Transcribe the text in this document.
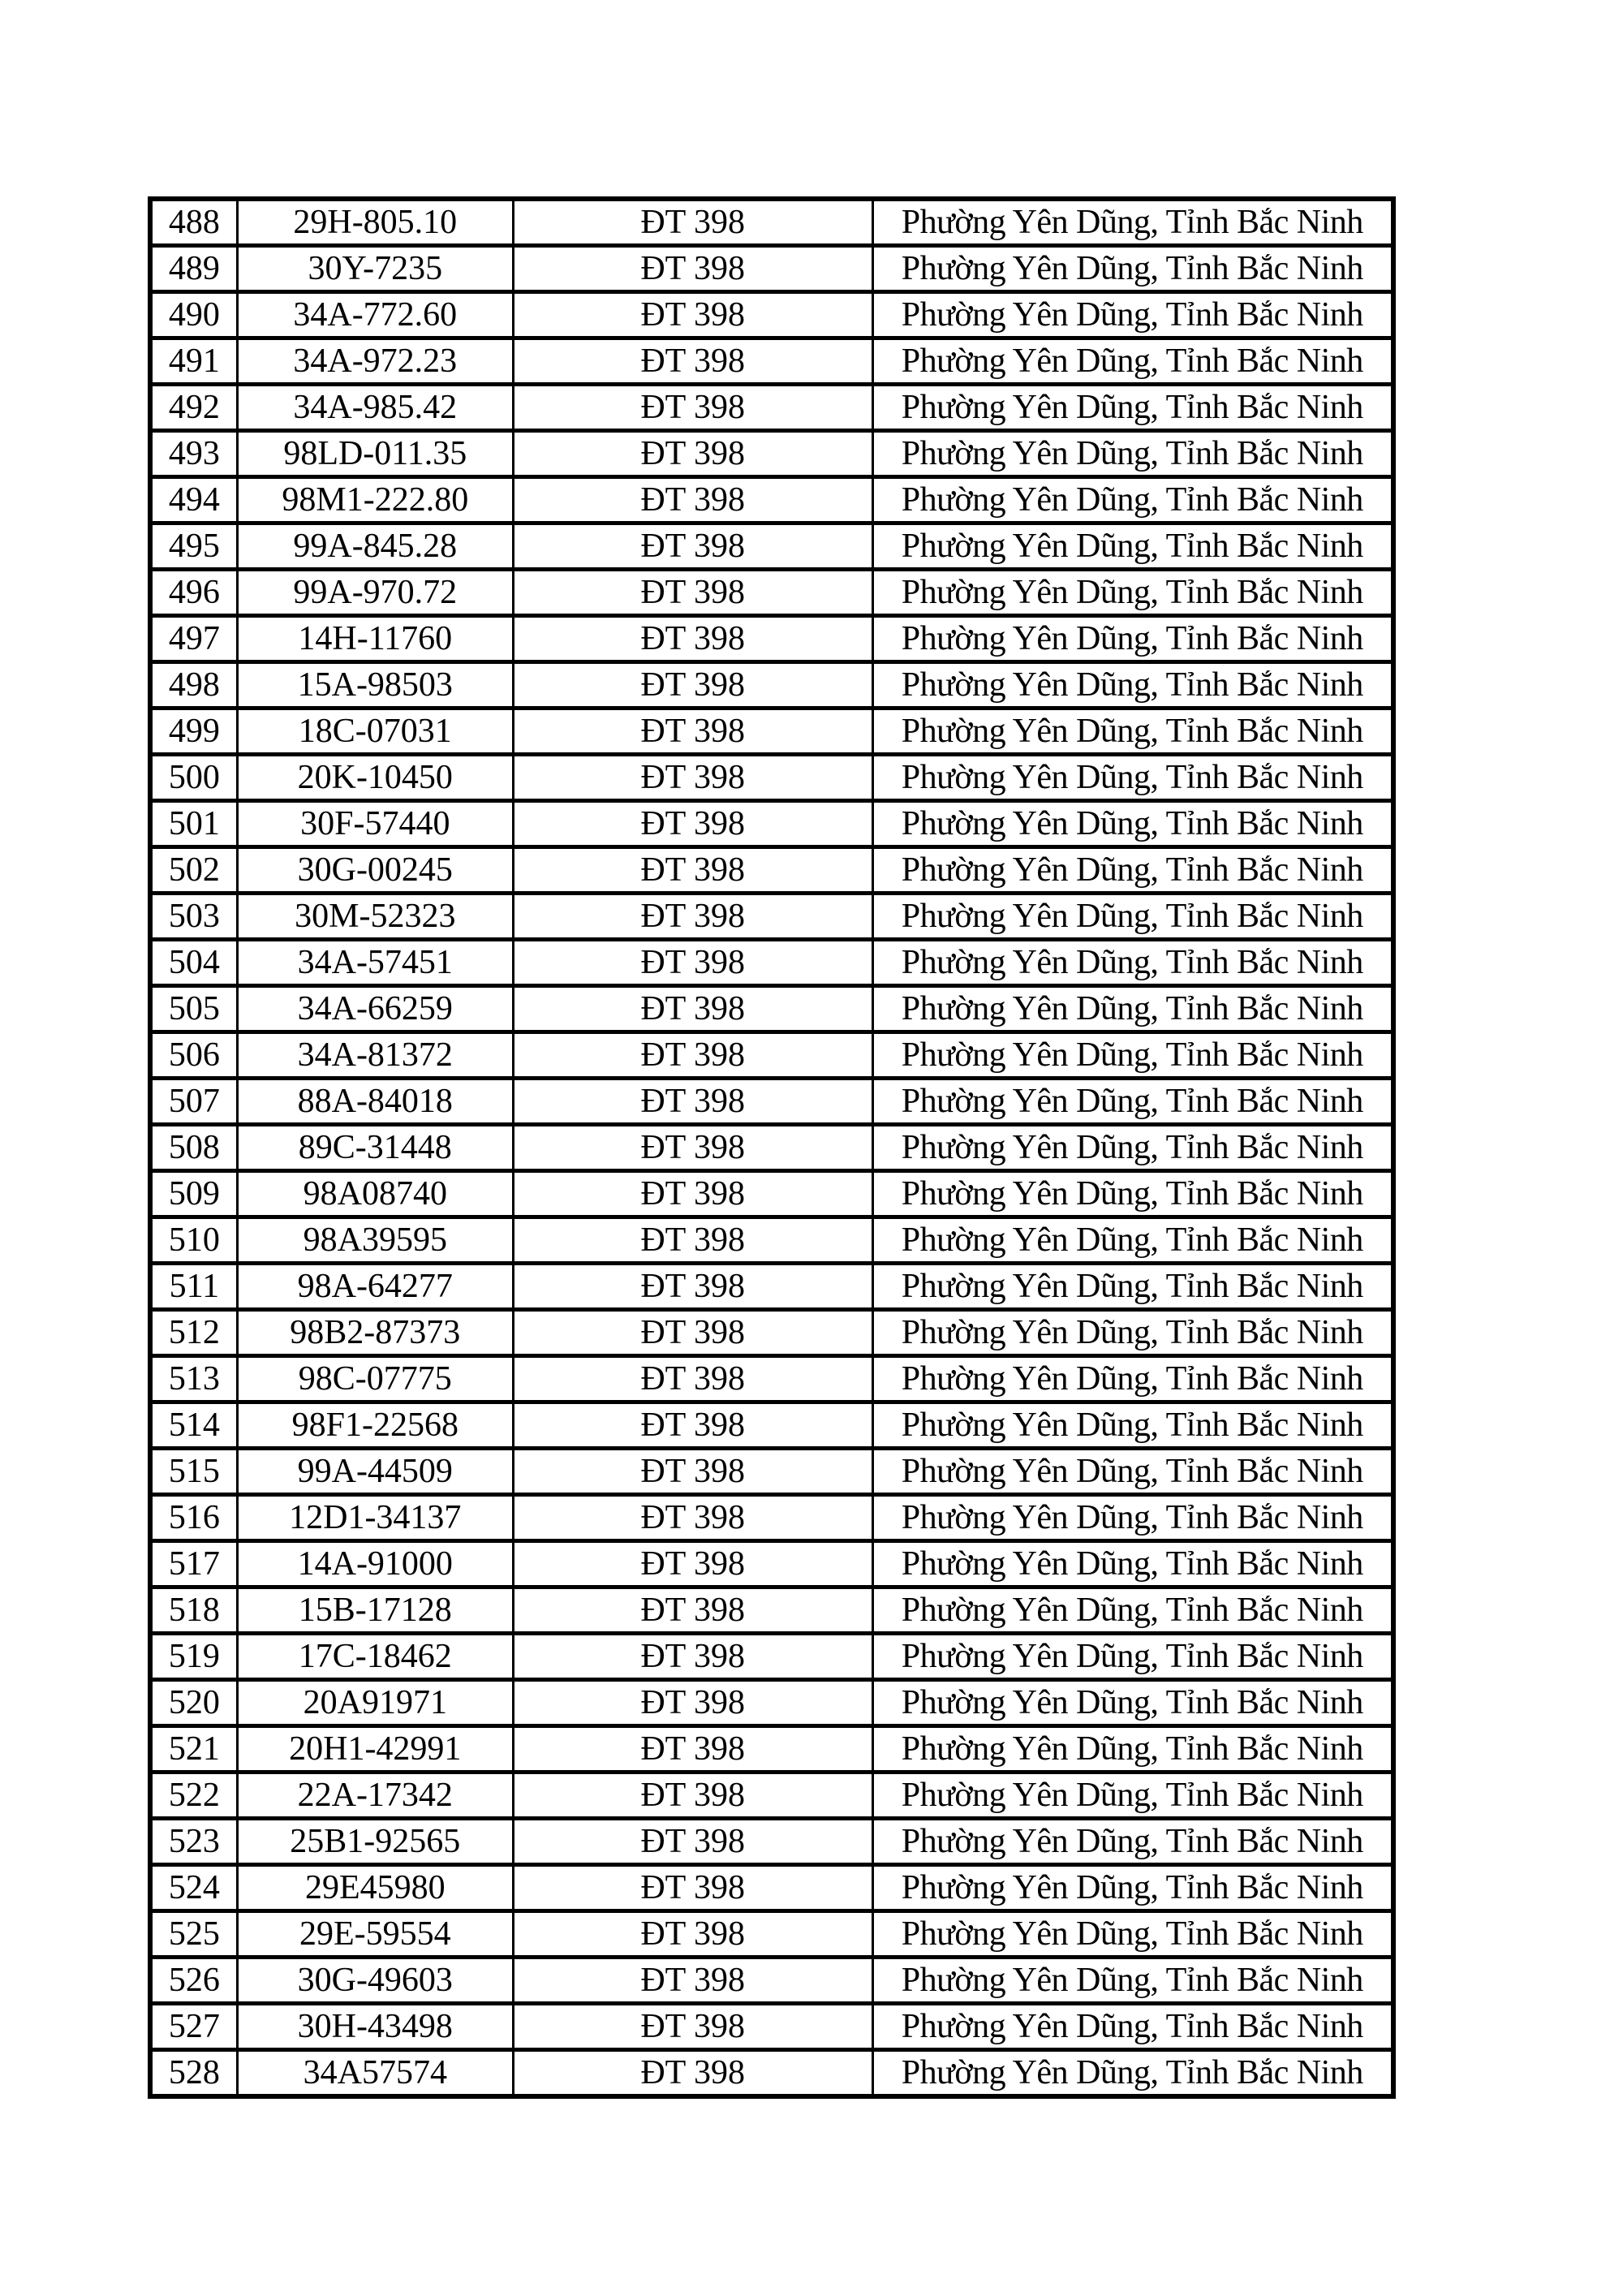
488	29H-805.10	ĐT 398	Phường Yên Dũng, Tỉnh Bắc Ninh
489	30Y-7235	ĐT 398	Phường Yên Dũng, Tỉnh Bắc Ninh
490	34A-772.60	ĐT 398	Phường Yên Dũng, Tỉnh Bắc Ninh
491	34A-972.23	ĐT 398	Phường Yên Dũng, Tỉnh Bắc Ninh
492	34A-985.42	ĐT 398	Phường Yên Dũng, Tỉnh Bắc Ninh
493	98LD-011.35	ĐT 398	Phường Yên Dũng, Tỉnh Bắc Ninh
494	98M1-222.80	ĐT 398	Phường Yên Dũng, Tỉnh Bắc Ninh
495	99A-845.28	ĐT 398	Phường Yên Dũng, Tỉnh Bắc Ninh
496	99A-970.72	ĐT 398	Phường Yên Dũng, Tỉnh Bắc Ninh
497	14H-11760	ĐT 398	Phường Yên Dũng, Tỉnh Bắc Ninh
498	15A-98503	ĐT 398	Phường Yên Dũng, Tỉnh Bắc Ninh
499	18C-07031	ĐT 398	Phường Yên Dũng, Tỉnh Bắc Ninh
500	20K-10450	ĐT 398	Phường Yên Dũng, Tỉnh Bắc Ninh
501	30F-57440	ĐT 398	Phường Yên Dũng, Tỉnh Bắc Ninh
502	30G-00245	ĐT 398	Phường Yên Dũng, Tỉnh Bắc Ninh
503	30M-52323	ĐT 398	Phường Yên Dũng, Tỉnh Bắc Ninh
504	34A-57451	ĐT 398	Phường Yên Dũng, Tỉnh Bắc Ninh
505	34A-66259	ĐT 398	Phường Yên Dũng, Tỉnh Bắc Ninh
506	34A-81372	ĐT 398	Phường Yên Dũng, Tỉnh Bắc Ninh
507	88A-84018	ĐT 398	Phường Yên Dũng, Tỉnh Bắc Ninh
508	89C-31448	ĐT 398	Phường Yên Dũng, Tỉnh Bắc Ninh
509	98A08740	ĐT 398	Phường Yên Dũng, Tỉnh Bắc Ninh
510	98A39595	ĐT 398	Phường Yên Dũng, Tỉnh Bắc Ninh
511	98A-64277	ĐT 398	Phường Yên Dũng, Tỉnh Bắc Ninh
512	98B2-87373	ĐT 398	Phường Yên Dũng, Tỉnh Bắc Ninh
513	98C-07775	ĐT 398	Phường Yên Dũng, Tỉnh Bắc Ninh
514	98F1-22568	ĐT 398	Phường Yên Dũng, Tỉnh Bắc Ninh
515	99A-44509	ĐT 398	Phường Yên Dũng, Tỉnh Bắc Ninh
516	12D1-34137	ĐT 398	Phường Yên Dũng, Tỉnh Bắc Ninh
517	14A-91000	ĐT 398	Phường Yên Dũng, Tỉnh Bắc Ninh
518	15B-17128	ĐT 398	Phường Yên Dũng, Tỉnh Bắc Ninh
519	17C-18462	ĐT 398	Phường Yên Dũng, Tỉnh Bắc Ninh
520	20A91971	ĐT 398	Phường Yên Dũng, Tỉnh Bắc Ninh
521	20H1-42991	ĐT 398	Phường Yên Dũng, Tỉnh Bắc Ninh
522	22A-17342	ĐT 398	Phường Yên Dũng, Tỉnh Bắc Ninh
523	25B1-92565	ĐT 398	Phường Yên Dũng, Tỉnh Bắc Ninh
524	29E45980	ĐT 398	Phường Yên Dũng, Tỉnh Bắc Ninh
525	29E-59554	ĐT 398	Phường Yên Dũng, Tỉnh Bắc Ninh
526	30G-49603	ĐT 398	Phường Yên Dũng, Tỉnh Bắc Ninh
527	30H-43498	ĐT 398	Phường Yên Dũng, Tỉnh Bắc Ninh
528	34A57574	ĐT 398	Phường Yên Dũng, Tỉnh Bắc Ninh
